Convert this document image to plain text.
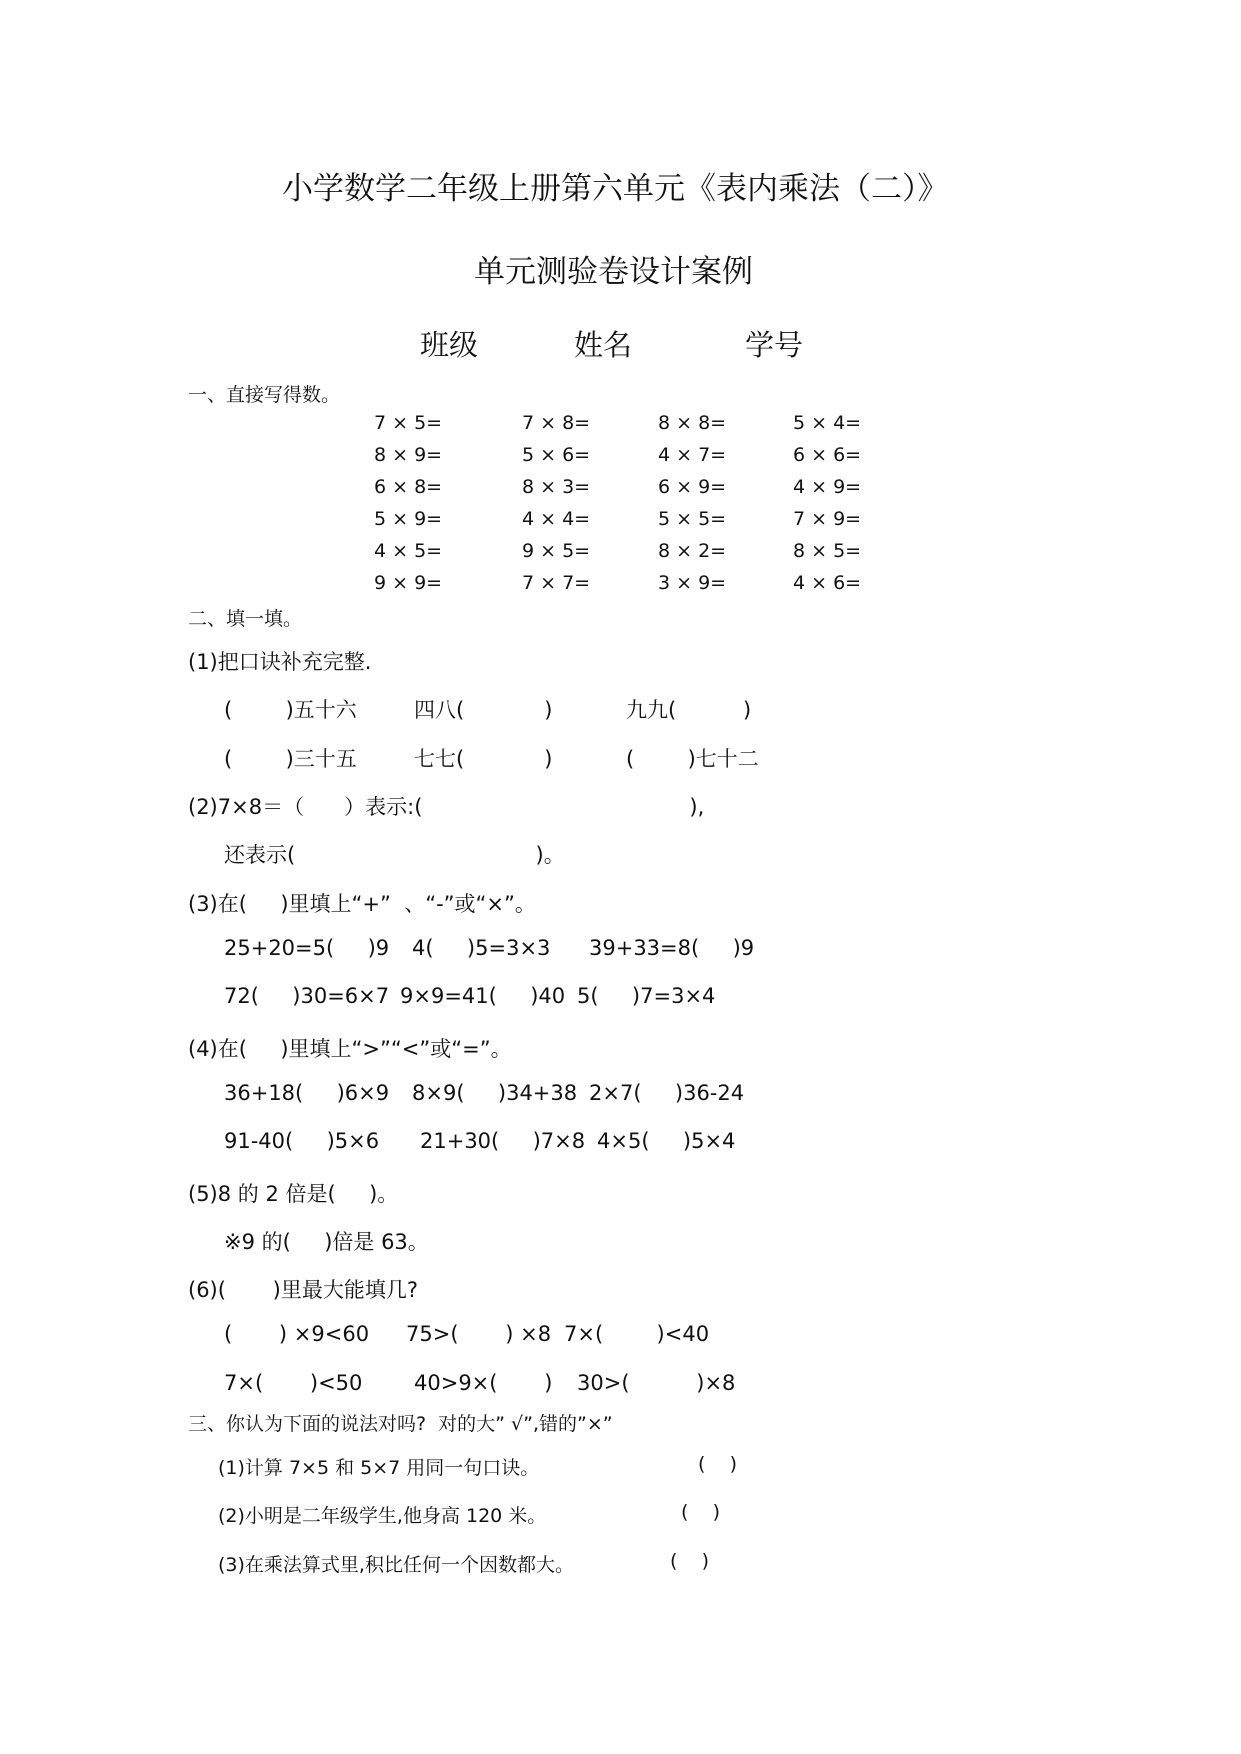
小学数学二年级上册第六单元《表内乘法（二）》
单元测验卷设计案例
班级	姓名	学号
一、直接写得数。
7 × 5=	7 × 8=	8 × 8=	5 × 4=
8 × 9=	5 × 6=	4 × 7=	6 × 6=
6 × 8=	8 × 3=	6 × 9=	4 × 9=
5 × 9=	4 × 4=	5 × 5=	7 × 9=
4 × 5=	9 × 5=	8 × 2=	8 × 5=
9 × 9=	7 × 7=	3 × 9=	4 × 6=
二、填一填。
(1)把口诀补充完整.
(        )五十六	四八(            )	九九(          )
(        )三十五	七七(            )	(        )七十二
(2)7×8＝（      ）表示:(                                        ),
还表示(                                    )。
(3)在(     )里填上“+”  、“-”或“×”。
25+20=5(     )9 4(     )5=3×3 39+33=8(     )9
72(     )30=6×7 9×9=41(     )40 5(     )7=3×4
(4)在(     )里填上“>”“<”或“=”。
36+18(     )6×9 8×9(     )34+38 2×7(     )36-24
91-40(     )5×6 21+30(     )7×8 4×5(     )5×4
(5)8 的 2 倍是(     )。
※9 的(     )倍是 63。
(6)(       )里最大能填几?
(       ) ×9<60 75>(       ) ×8 7×(        )<40
7×(       )<50 40>9×(       ) 30>(          )×8
三、你认为下面的说法对吗?  对的大” √”,错的”×”
(1)计算 7×5 和 5×7 用同一句口诀。	(    )
(2)小明是二年级学生,他身高 120 米。	(    )
(3)在乘法算式里,积比任何一个因数都大。	(    )
